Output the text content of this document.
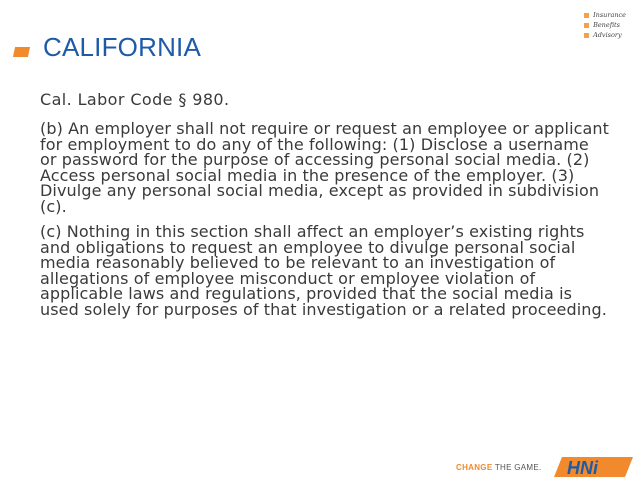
Insurance
Benefits
Advisory
CALIFORNIA

Cal. Labor Code § 980.

(b) An employer shall not require or request an employee or applicant for employment to do any of the following: (1) Disclose a username or password for the purpose of accessing personal social media. (2) Access personal social media in the presence of the employer. (3) Divulge any personal social media, except as provided in subdivision (c).

(c) Nothing in this section shall affect an employer’s existing rights and obligations to request an employee to divulge personal social media reasonably believed to be relevant to an investigation of allegations of employee misconduct or employee violation of applicable laws and regulations, provided that the social media is used solely for purposes of that investigation or a related proceeding.

CHANGE THE GAME. HNi
